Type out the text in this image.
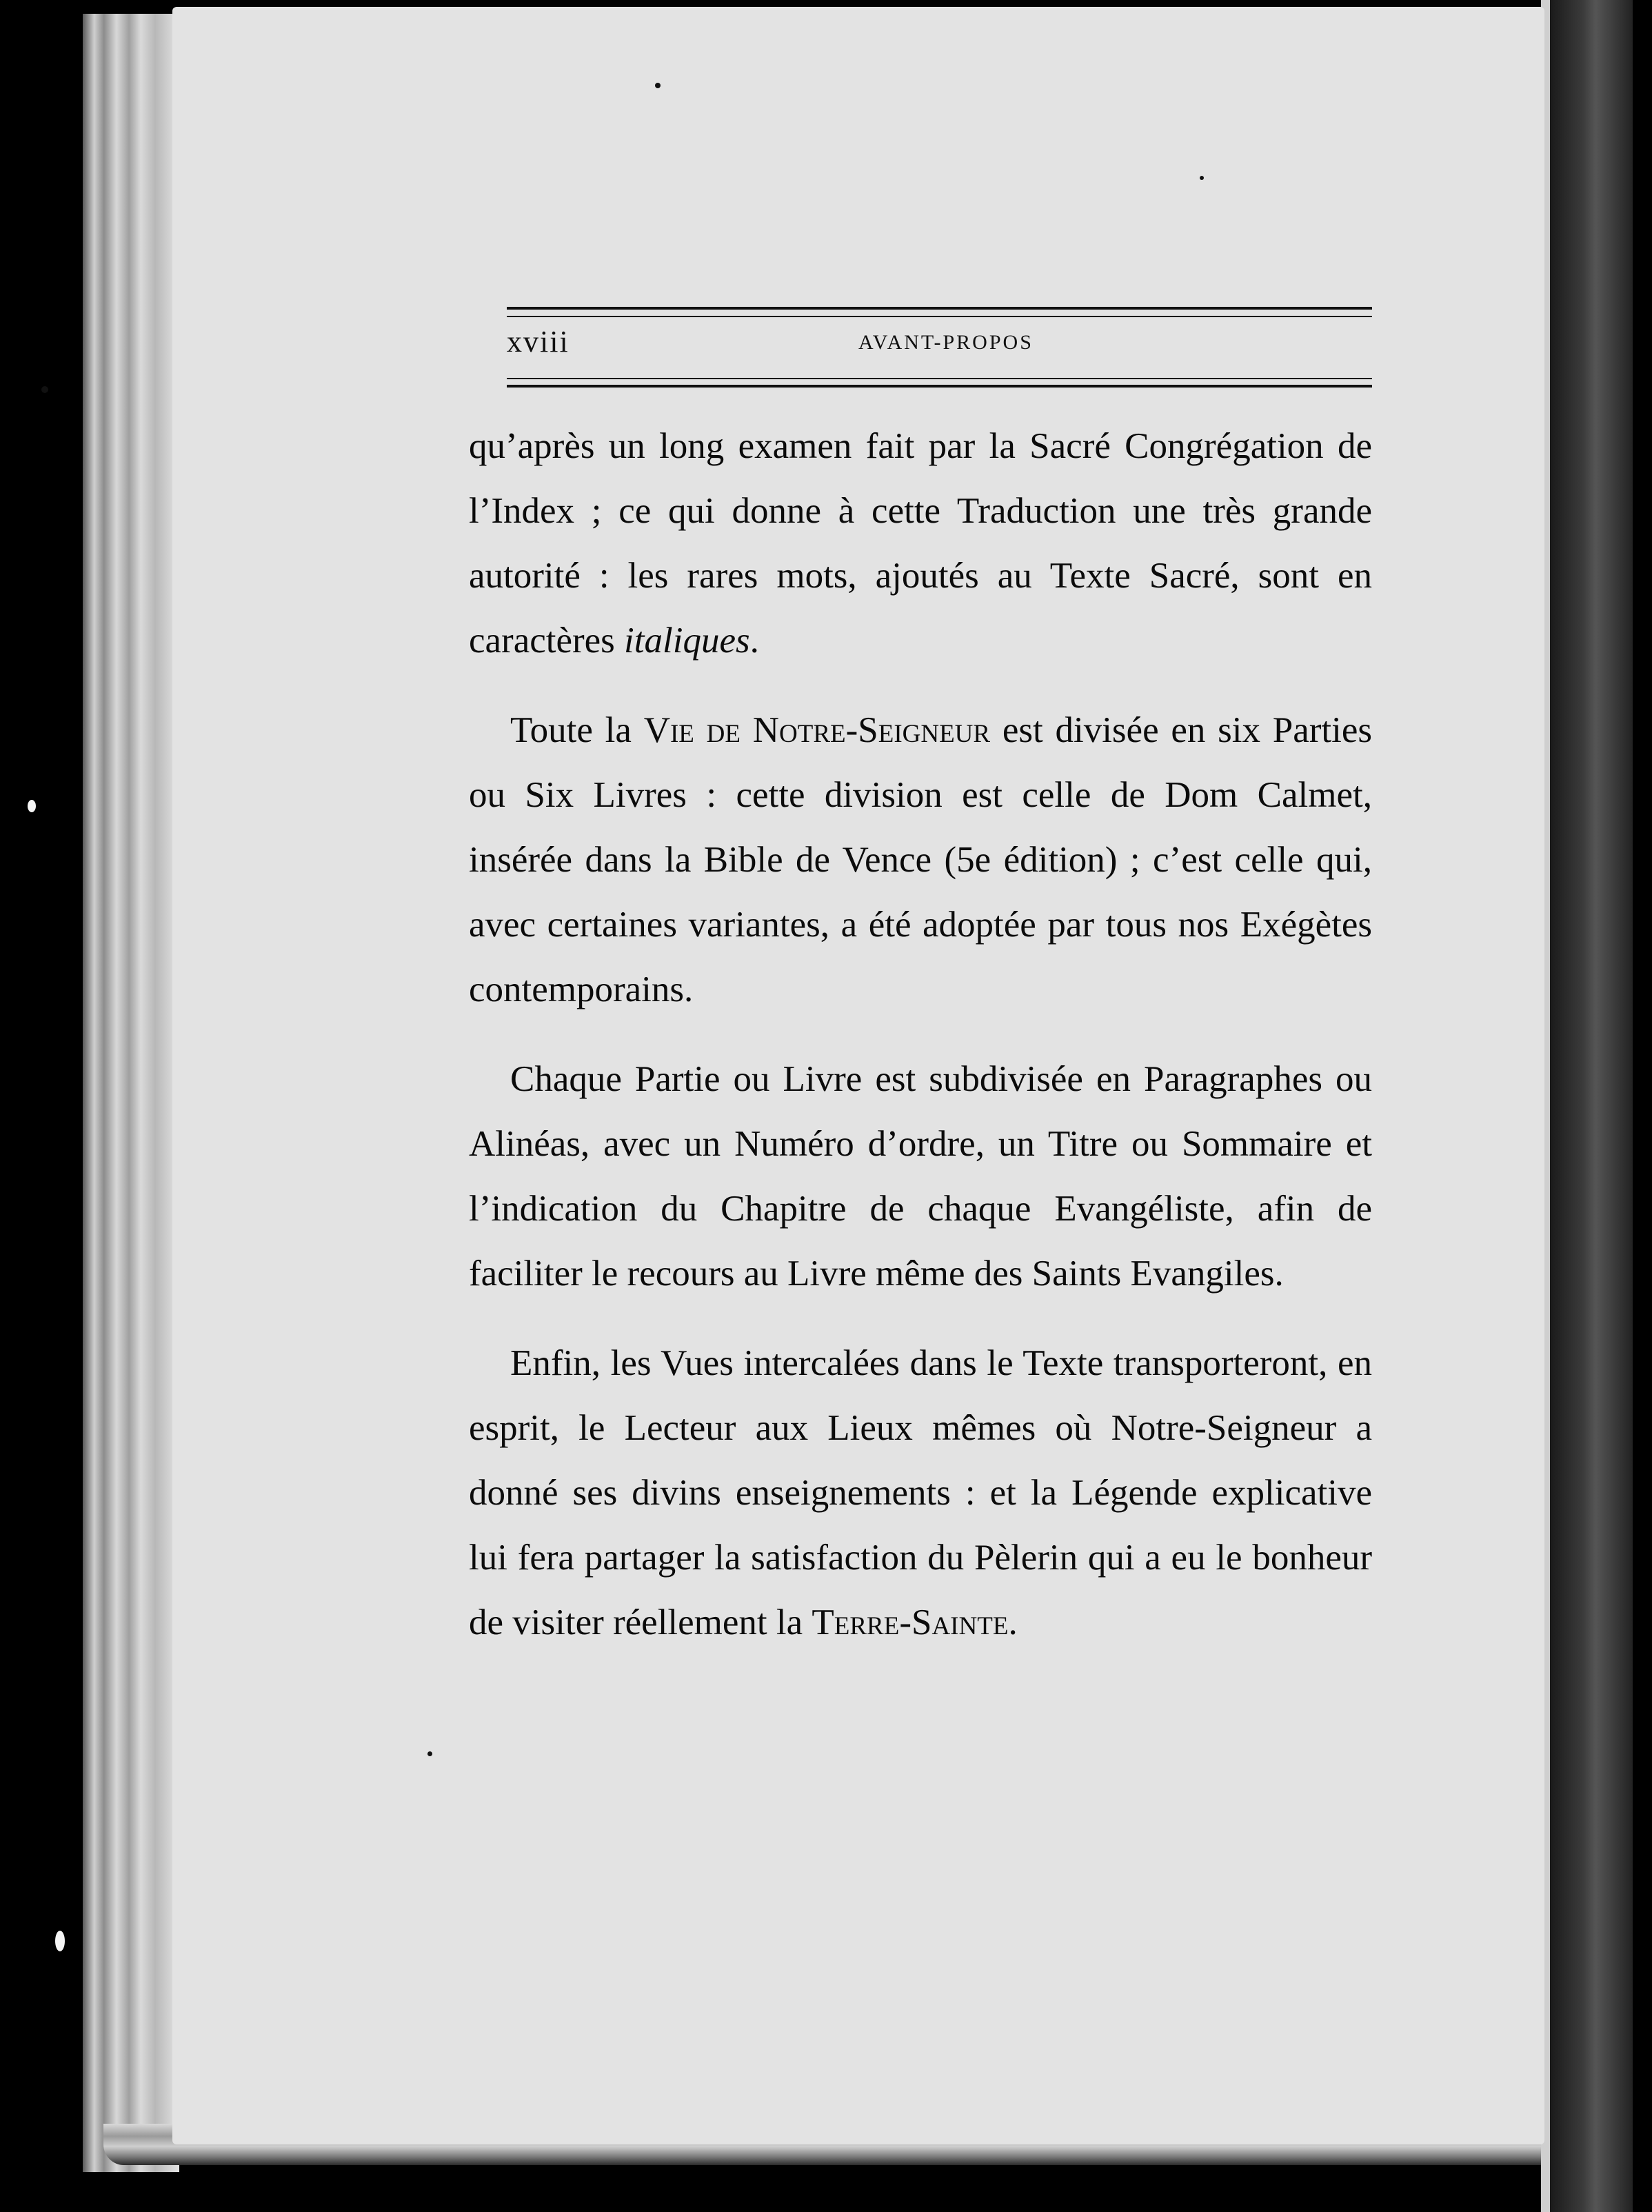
xviii	AVANT-PROPOS

qu’après un long examen fait par la Sacré Congrégation de l’Index ; ce qui donne à cette Traduction une très grande autorité : les rares mots, ajoutés au Texte Sacré, sont en caractères italiques.

Toute la Vie de Notre-Seigneur est divisée en six Parties ou Six Livres : cette division est celle de Dom Calmet, insérée dans la Bible de Vence (5e édition) ; c’est celle qui, avec certaines variantes, a été adoptée par tous nos Exégètes contemporains.

Chaque Partie ou Livre est subdivisée en Paragraphes ou Alinéas, avec un Numéro d’ordre, un Titre ou Sommaire et l’indication du Chapitre de chaque Evangéliste, afin de faciliter le recours au Livre même des Saints Evangiles.

Enfin, les Vues intercalées dans le Texte transporteront, en esprit, le Lecteur aux Lieux mêmes où Notre-Seigneur a donné ses divins enseignements : et la Légende explicative lui fera partager la satisfaction du Pèlerin qui a eu le bonheur de visiter réellement la Terre-Sainte.
